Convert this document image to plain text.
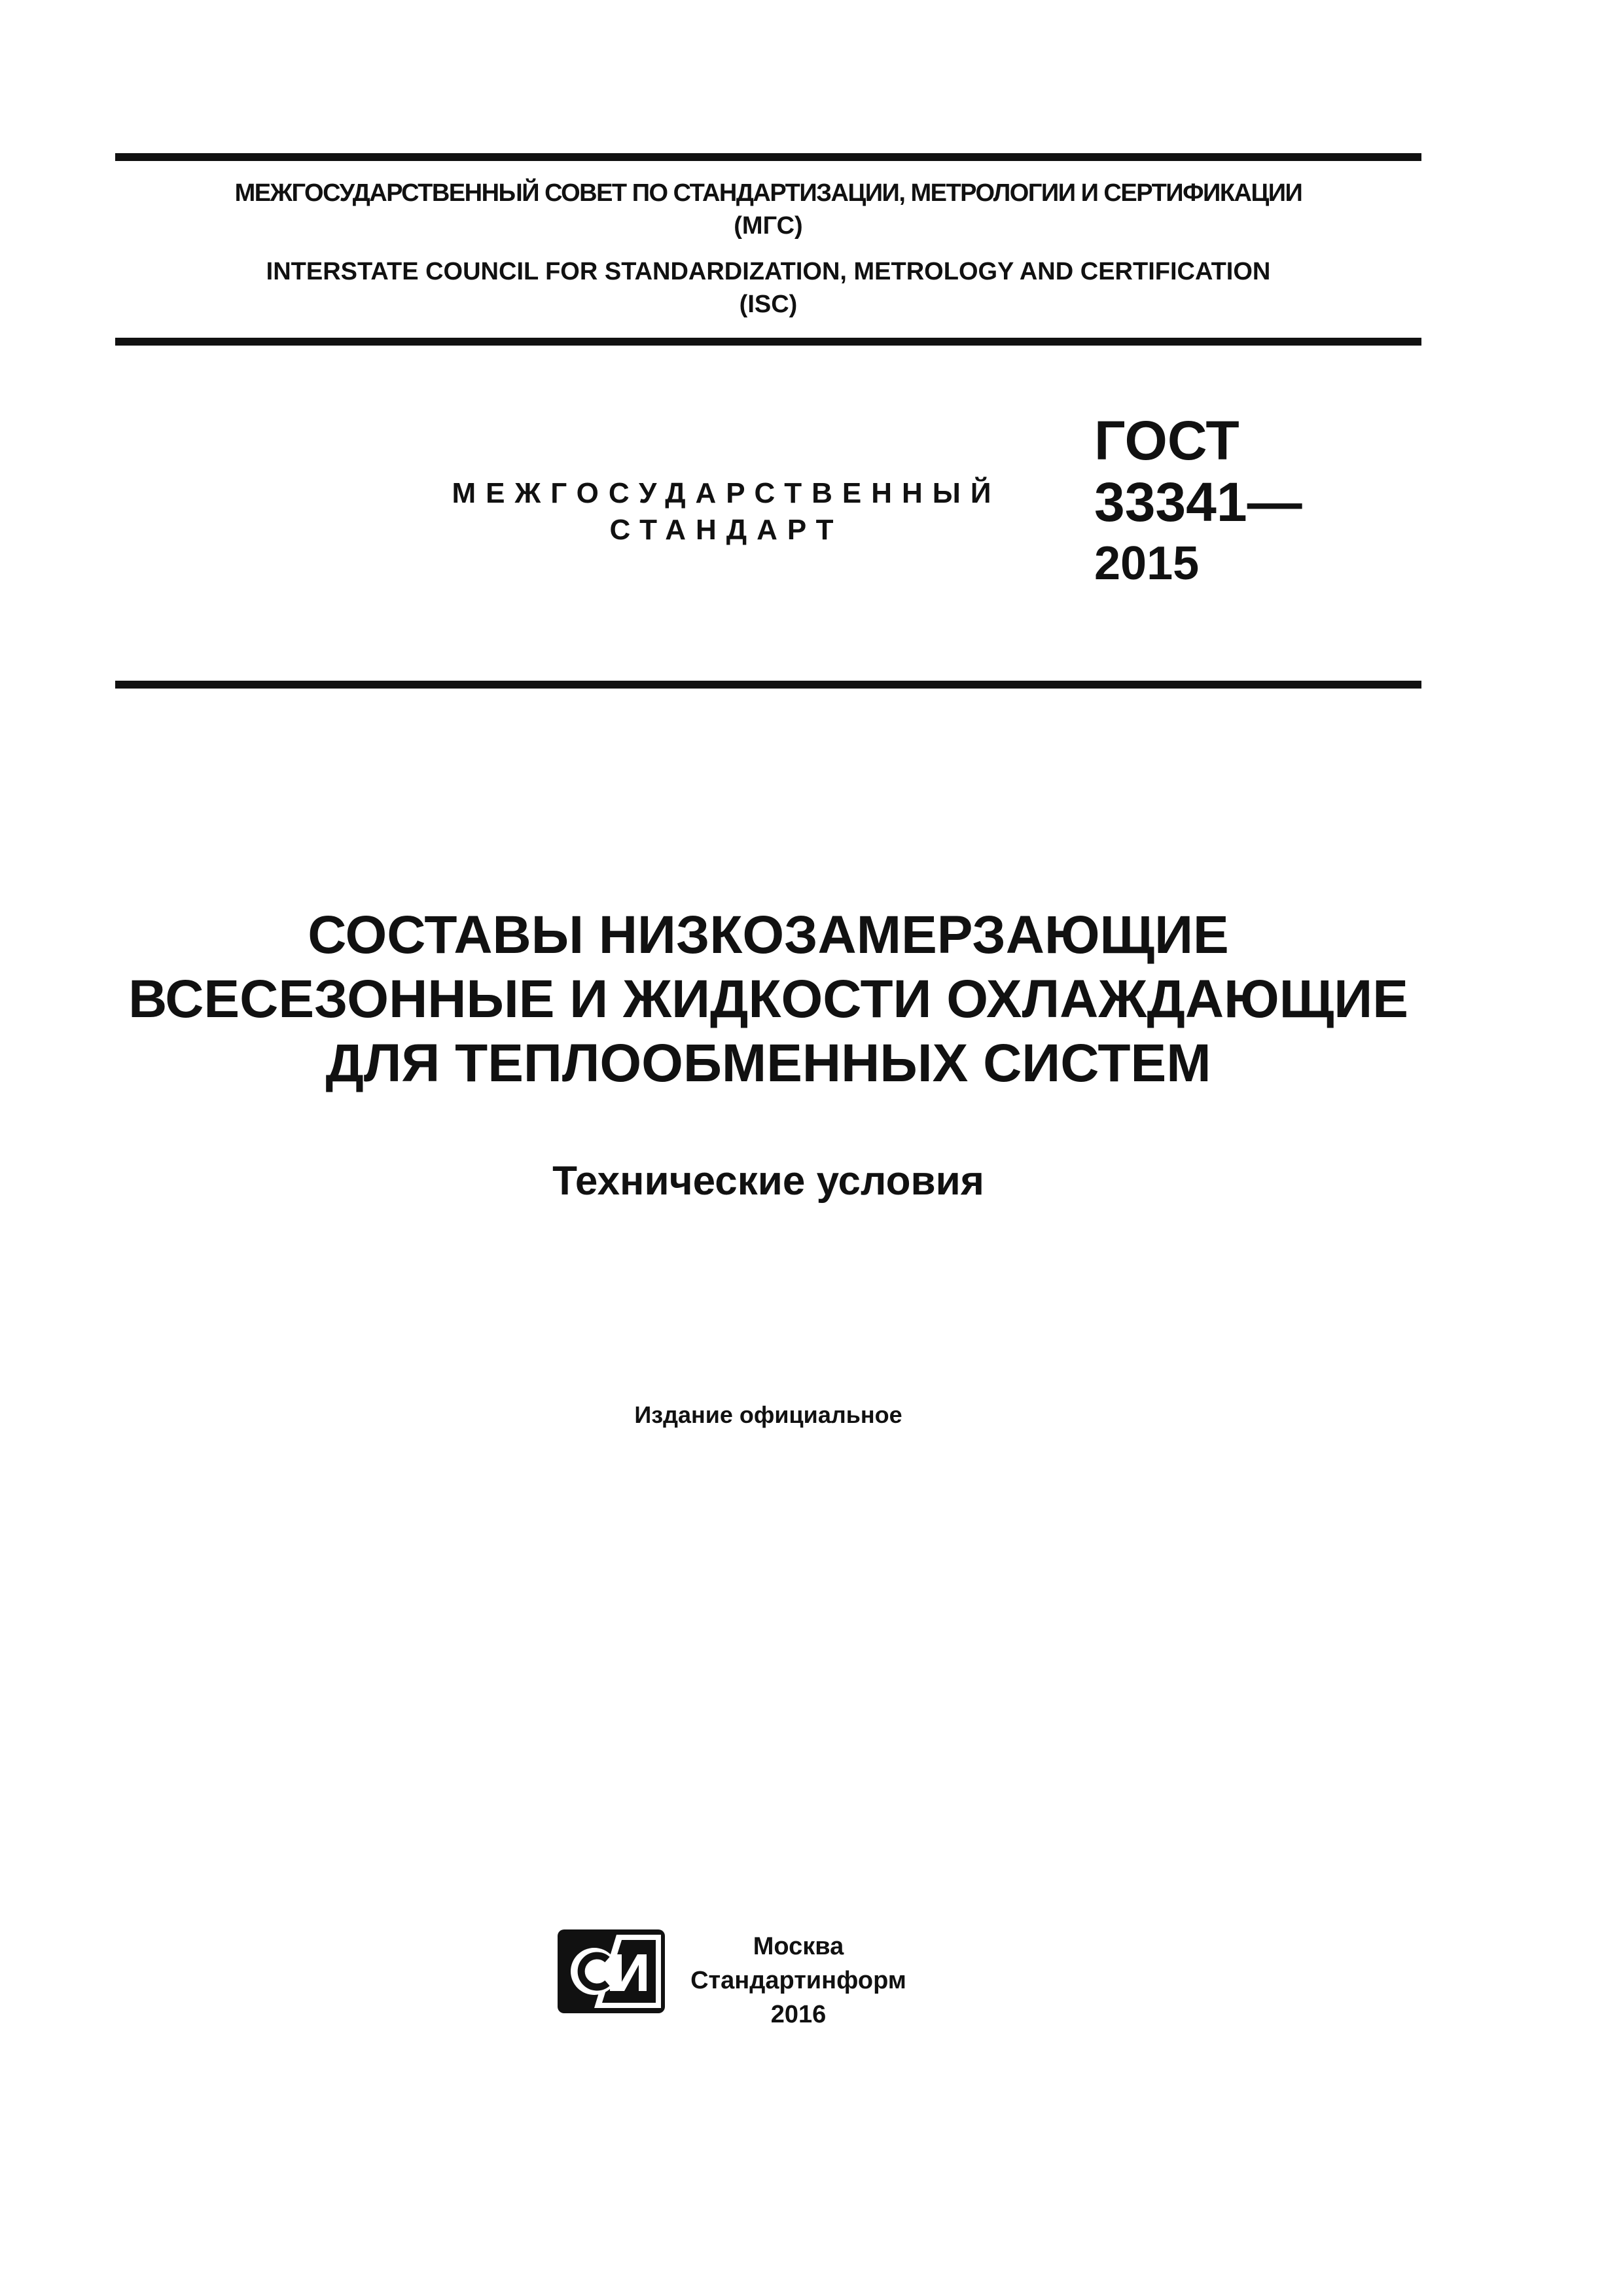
МЕЖГОСУДАРСТВЕННЫЙ СОВЕТ ПО СТАНДАРТИЗАЦИИ, МЕТРОЛОГИИ И СЕРТИФИКАЦИИ
(МГС)
INTERSTATE COUNCIL FOR STANDARDIZATION, METROLOGY AND CERTIFICATION
(ISC)
МЕЖГОСУДАРСТВЕННЫЙ
СТАНДАРТ
ГОСТ
33341—
2015
СОСТАВЫ НИЗКОЗАМЕРЗАЮЩИЕ
ВСЕСЕЗОННЫЕ И ЖИДКОСТИ ОХЛАЖДАЮЩИЕ
ДЛЯ ТЕПЛООБМЕННЫХ СИСТЕМ
Технические условия
Издание официальное
Москва
Стандартинформ
2016
